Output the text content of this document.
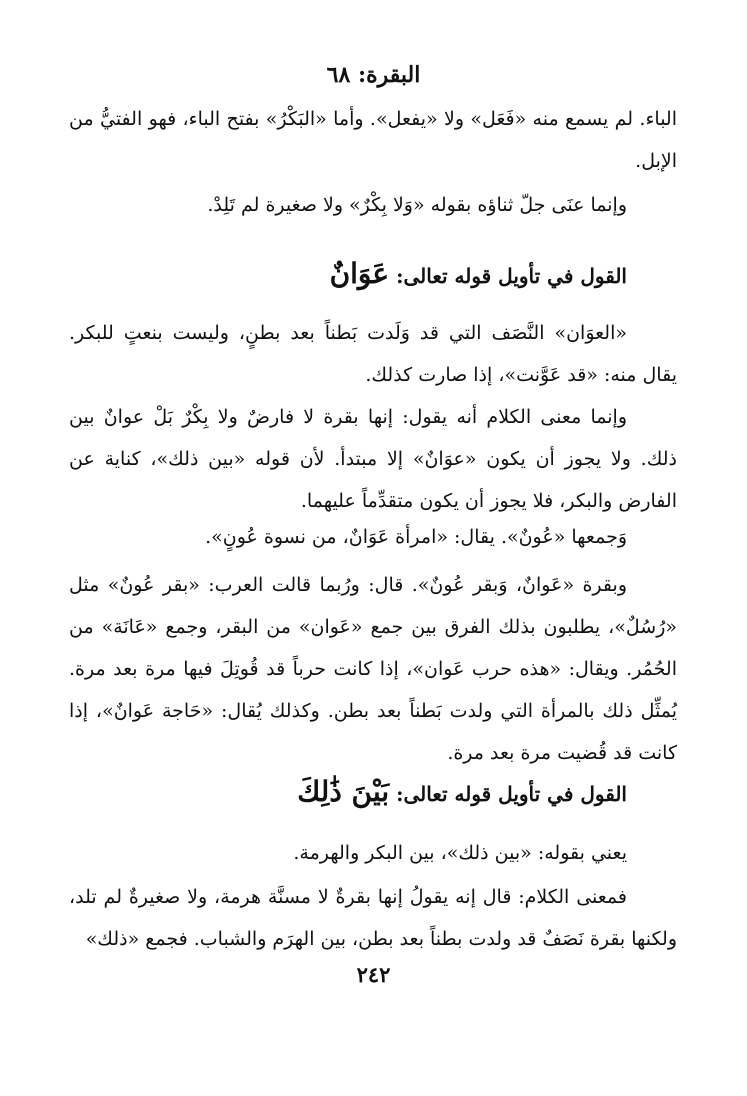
البقرة: ٦٨

الباء. لم يسمع منه «فَعَل» ولا «يفعل». وأما «البَكْرُ» بفتح الباء، فهو الفتيُّ من الإبل.

وإنما عنَى جلّ ثناؤه بقوله «وَلا بِكْرٌ» ولا صغيرة لم تَلِدْ.

القول في تأويل قوله تعالى: عَوَانٌ

«العوَان» النَّصَف التي قد وَلَدت بَطناً بعد بطنٍ، وليست بنعتٍ للبكر. يقال منه: «قد عَوَّنت»، إذا صارت كذلك.

وإنما معنى الكلام أنه يقول: إنها بقرة لا فارضٌ ولا بِكْرٌ بَلْ عوانٌ بين ذلك. ولا يجوز أن يكون «عوَانٌ» إلا مبتدأ. لأن قوله «بين ذلك»، كناية عن الفارض والبكر، فلا يجوز أن يكون متقدِّماً عليهما.

وَجمعها «عُونٌ». يقال: «امرأة عَوَانٌ، من نسوة عُونٍ».

وبقرة «عَوانٌ، وَبقر عُونٌ». قال: ورُبما قالت العرب: «بقر عُونٌ» مثل «رُسُلٌ»، يطلبون بذلك الفرق بين جمع «عَوان» من البقر، وجمع «عَانَة» من الحُمُر. ويقال: «هذه حرب عَوان»، إذا كانت حرباً قد قُوتِلَ فيها مرة بعد مرة. يُمثِّل ذلك بالمرأة التي ولدت بَطناً بعد بطن. وكذلك يُقال: «حَاجة عَوانٌ»، إذا كانت قد قُضيت مرة بعد مرة.

القول في تأويل قوله تعالى: بَيْنَ ذَٰلِكَ

يعني بقوله: «بين ذلك»، بين البكر والهرمة.

فمعنى الكلام: قال إنه يقولُ إنها بقرةٌ لا مسنَّة هرمة، ولا صغيرةٌ لم تلد، ولكنها بقرة نَصَفٌ قد ولدت بطناً بعد بطن، بين الهرَم والشباب. فجمع «ذلك»

٢٤٢
